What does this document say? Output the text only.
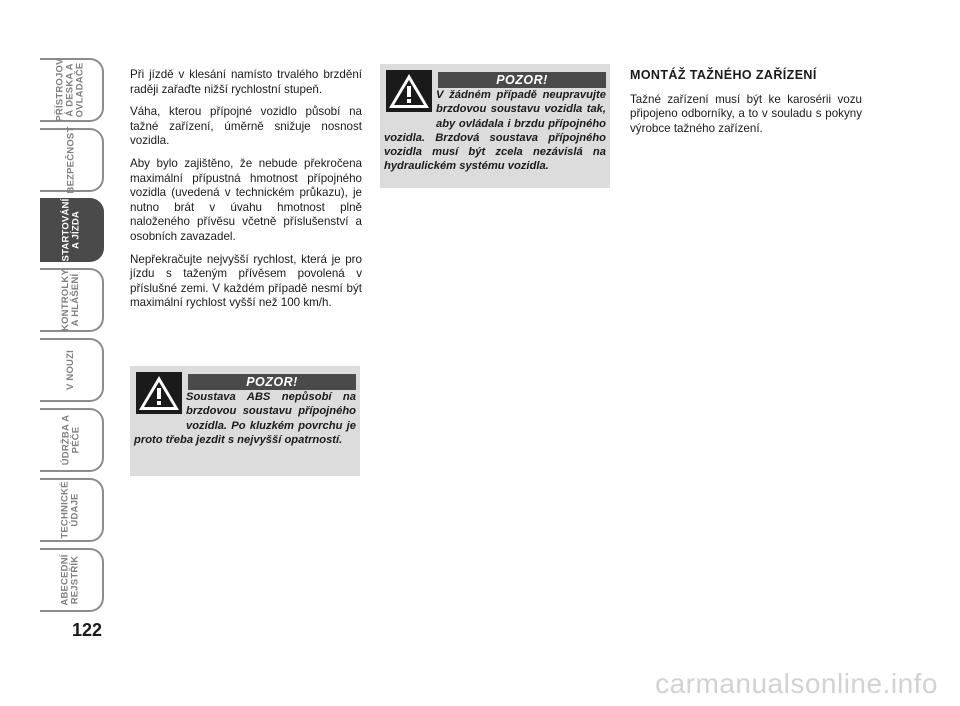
PŘÍSTROJOV
Á DESKA A
OVLADAČE
BEZPEČNOST
STARTOVÁNÍ
A JÍZDA
KONTROLKY
A HLÁŠENÍ
V NOUZI
ÚDRŽBA A
PÉČE
TECHNICKÉ
ÚDAJE
ABECEDNÍ
REJSTŘÍK
122

Při jízdě v klesání namísto trvalého brzdění raději zařaďte nižší rychlostní stupeň.

Váha, kterou přípojné vozidlo působí na tažné zařízení, úměrně snižuje nosnost vozidla.

Aby bylo zajištěno, že nebude překročena maximální přípustná hmotnost přípojného vozidla (uvedená v technickém průkazu), je nutno brát v úvahu hmotnost plně naloženého přívěsu včetně příslušenství a osobních zavazadel.

Nepřekračujte nejvyšší rychlost, která je pro jízdu s taženým přívěsem povolená v příslušné zemi. V každém případě nesmí být maximální rychlost vyšší než 100 km/h.

POZOR!
Soustava ABS nepůsobí na brzdovou soustavu přípojného vozidla. Po kluzkém povrchu je proto třeba jezdit s nejvyšší opatrností.
POZOR!
V žádném případě neupravujte brzdovou soustavu vozidla tak, aby ovládala i brzdu přípojného vozidla. Brzdová soustava přípojného vozidla musí být zcela nezávislá na hydraulickém systému vozidla.

MONTÁŽ TAŽNÉHO ZAŘÍZENÍ

Tažné zařízení musí být ke karosérii vozu připojeno odborníky, a to v souladu s pokyny výrobce tažného zařízení.

carmanualsonline.info
